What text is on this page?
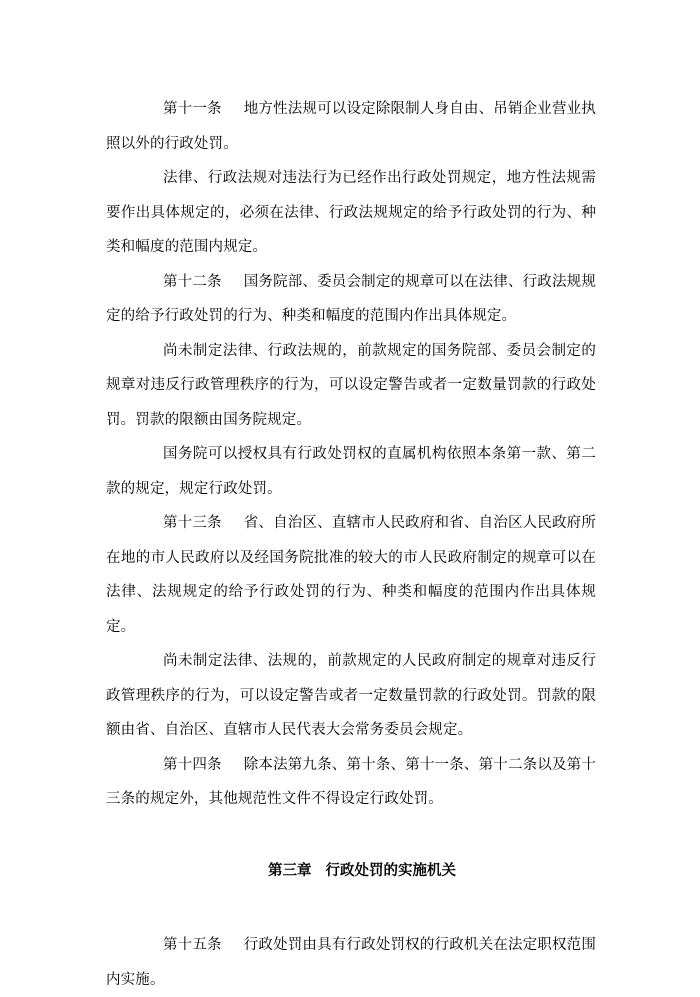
第十一条 地方性法规可以设定除限制人身自由、吊销企业营业执照以外的行政处罚。

法律、行政法规对违法行为已经作出行政处罚规定，地方性法规需要作出具体规定的，必须在法律、行政法规规定的给予行政处罚的行为、种类和幅度的范围内规定。

第十二条 国务院部、委员会制定的规章可以在法律、行政法规规定的给予行政处罚的行为、种类和幅度的范围内作出具体规定。

尚未制定法律、行政法规的，前款规定的国务院部、委员会制定的规章对违反行政管理秩序的行为，可以设定警告或者一定数量罚款的行政处罚。罚款的限额由国务院规定。

国务院可以授权具有行政处罚权的直属机构依照本条第一款、第二款的规定，规定行政处罚。

第十三条 省、自治区、直辖市人民政府和省、自治区人民政府所在地的市人民政府以及经国务院批准的较大的市人民政府制定的规章可以在法律、法规规定的给予行政处罚的行为、种类和幅度的范围内作出具体规定。

尚未制定法律、法规的，前款规定的人民政府制定的规章对违反行政管理秩序的行为，可以设定警告或者一定数量罚款的行政处罚。罚款的限额由省、自治区、直辖市人民代表大会常务委员会规定。

第十四条 除本法第九条、第十条、第十一条、第十二条以及第十三条的规定外，其他规范性文件不得设定行政处罚。

第三章 行政处罚的实施机关

第十五条 行政处罚由具有行政处罚权的行政机关在法定职权范围内实施。
